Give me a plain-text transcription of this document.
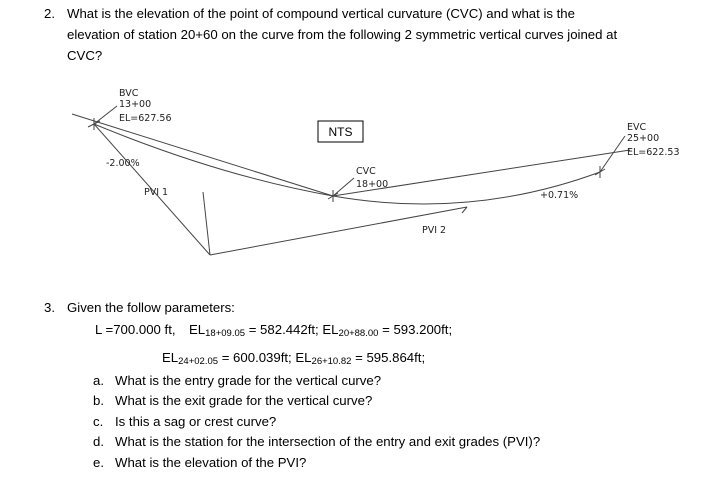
2. What is the elevation of the point of compound vertical curvature (CVC) and what is the
elevation of station 20+60 on the curve from the following 2 symmetric vertical curves joined at
CVC?
BVC
13+00
EL=627.56
NTS	EVC
25+00
EL=622.53
-2.00%
CVC
18+00
PVI 1
PVI 2
+0.71%
3. Given the follow parameters:
L =700.000 ft, $EL_{18+09.05} = 582.442ft$; $EL_{20+88.00} = 593.200ft$;
$EL_{24+02.05} = 600.039ft$; $EL_{26+10.82} = 595.864ft$;
a. What is the entry grade for the vertical curve?
b. What is the exit grade for the vertical curve?
c. Is this a sag or crest curve?
d. What is the station for the intersection of the entry and exit grades (PVI)?
e. What is the elevation of the PVI?
